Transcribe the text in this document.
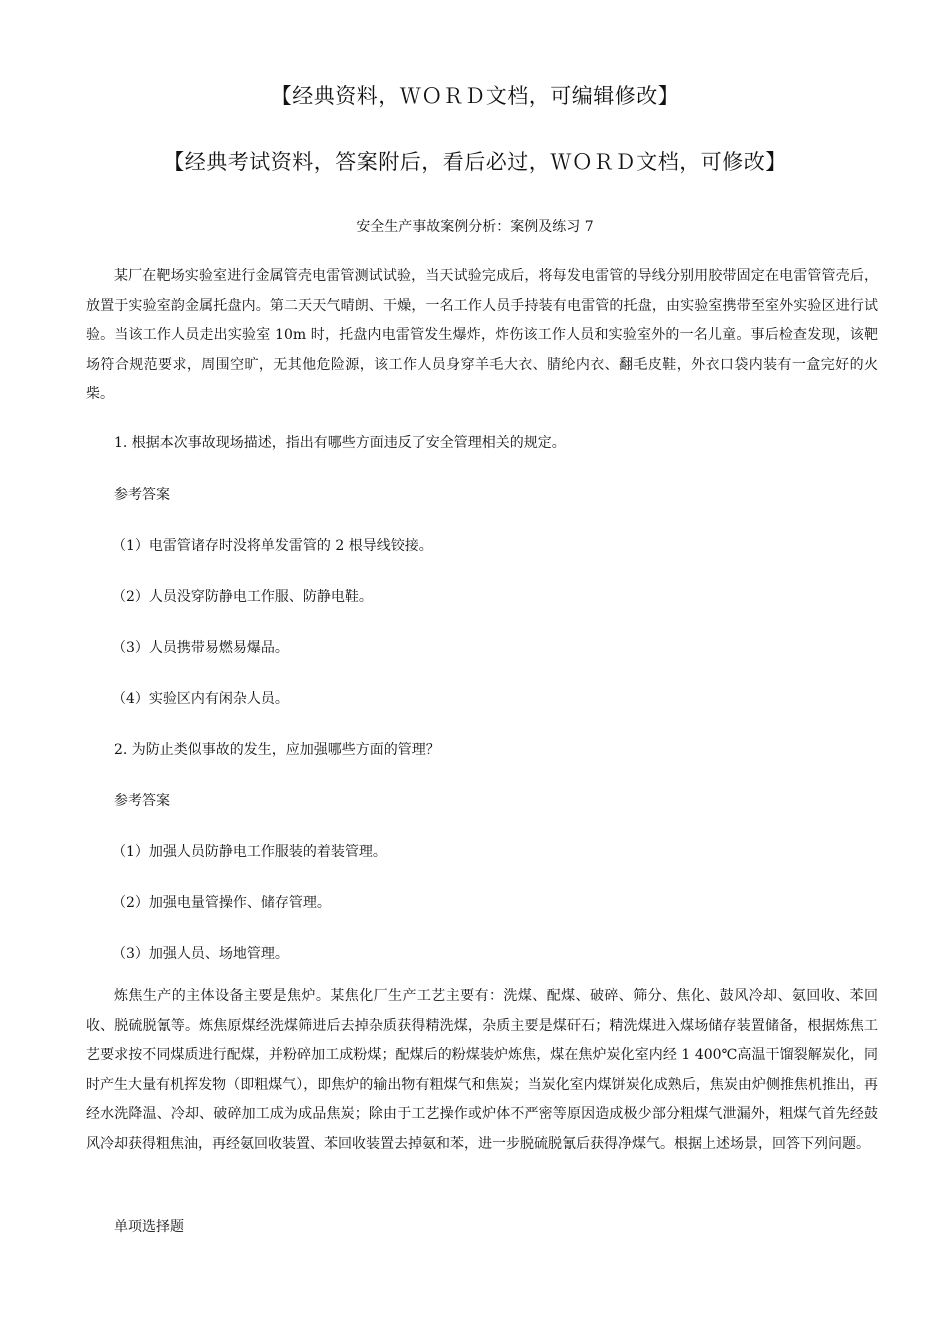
【经典资料，ＷＯＲＤ文档，可编辑修改】
【经典考试资料，答案附后，看后必过，ＷＯＲＤ文档，可修改】
安全生产事故案例分析：案例及练习 7
某厂在靶场实验室进行金属管壳电雷管测试试验，当天试验完成后，将每发电雷管的导线分别用胶带固定在电雷管管壳后，放置于实验室韵金属托盘内。第二天天气晴朗、干燥，一名工作人员手持装有电雷管的托盘，由实验室携带至室外实验区进行试验。当该工作人员走出实验室 10m 时，托盘内电雷管发生爆炸，炸伤该工作人员和实验室外的一名儿童。事后检查发现，该靶场符合规范要求，周围空旷，无其他危险源，该工作人员身穿羊毛大衣、腈纶内衣、翻毛皮鞋，外衣口袋内装有一盒完好的火柴。
1. 根据本次事故现场描述，指出有哪些方面违反了安全管理相关的规定。
参考答案
（1）电雷管诸存时没将单发雷管的 2 根导线铰接。
（2）人员没穿防静电工作服、防静电鞋。
（3）人员携带易燃易爆品。
（4）实验区内有闲杂人员。
2. 为防止类似事故的发生，应加强哪些方面的管理？
参考答案
（1）加强人员防静电工作服装的着装管理。
（2）加强电量管操作、储存管理。
（3）加强人员、场地管理。
炼焦生产的主体设备主要是焦炉。某焦化厂生产工艺主要有：洗煤、配煤、破碎、筛分、焦化、鼓风冷却、氨回收、苯回收、脱硫脱氰等。炼焦原煤经洗煤筛进后去掉杂质获得精洗煤，杂质主要是煤矸石；精洗煤进入煤场储存装置储备，根据炼焦工艺要求按不同煤质进行配煤，并粉碎加工成粉煤；配煤后的粉煤装炉炼焦，煤在焦炉炭化室内经 1 400℃高温干馏裂解炭化，同时产生大量有机挥发物（即粗煤气），即焦炉的输出物有粗煤气和焦炭；当炭化室内煤饼炭化成熟后，焦炭由炉侧推焦机推出，再经水洗降温、冷却、破碎加工成为成品焦炭；除由于工艺操作或炉体不严密等原因造成极少部分粗煤气泄漏外，粗煤气首先经鼓风冷却获得粗焦油，再经氨回收装置、苯回收装置去掉氨和苯，进一步脱硫脱氰后获得净煤气。根据上述场景，回答下列问题。
单项选择题
